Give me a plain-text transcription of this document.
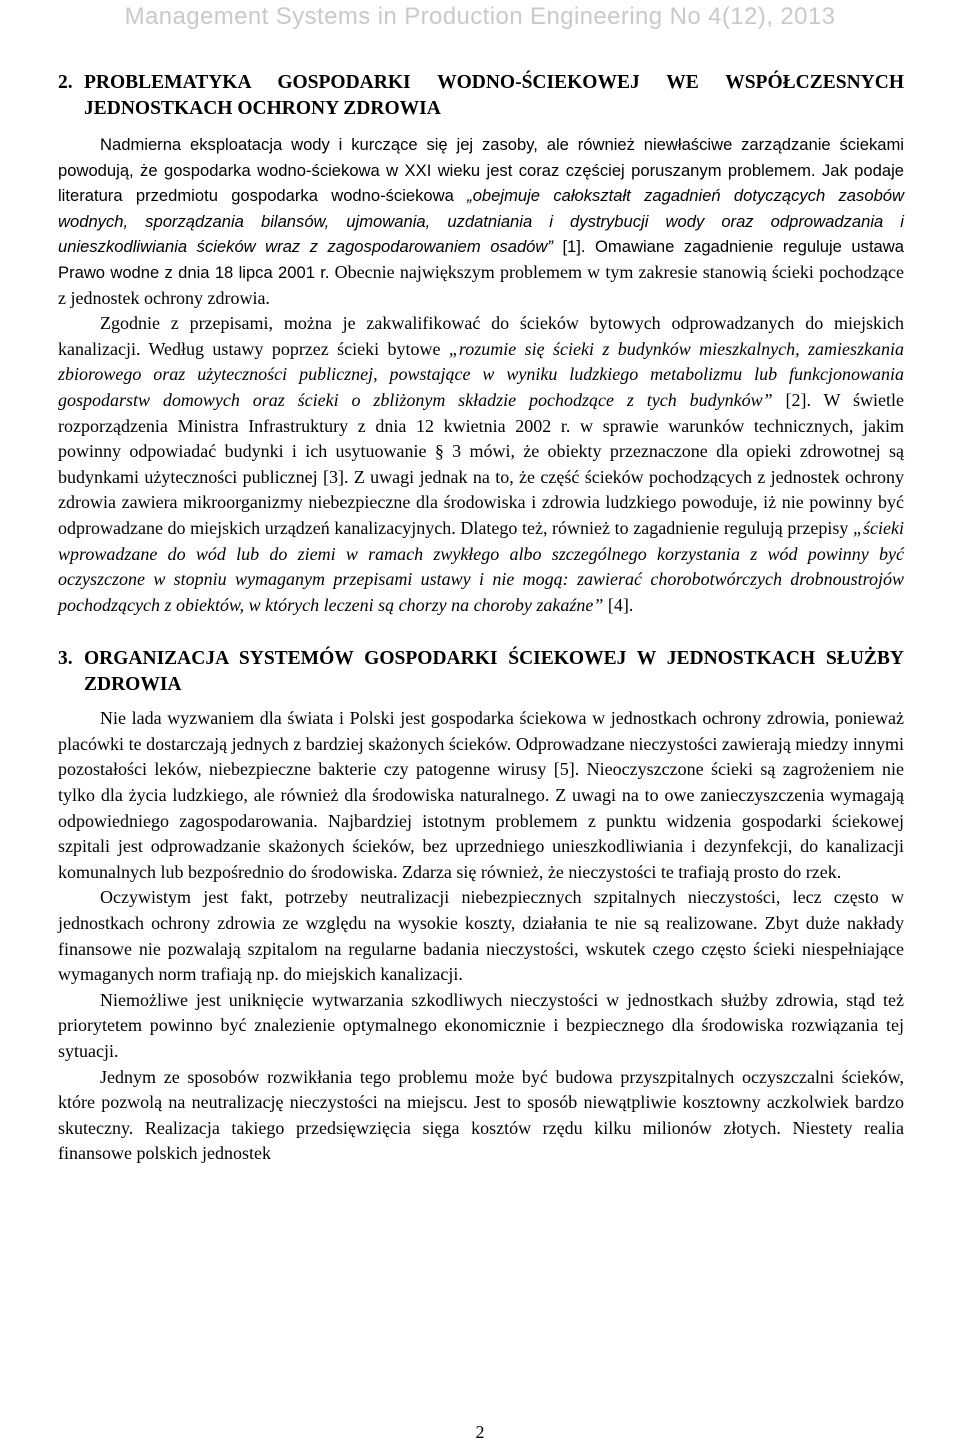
Management Systems in Production Engineering No 4(12), 2013
2. PROBLEMATYKA GOSPODARKI WODNO-ŚCIEKOWEJ WE WSPÓŁCZESNYCH JEDNOSTKACH OCHRONY ZDROWIA

Nadmierna eksploatacja wody i kurczące się jej zasoby, ale również niewłaściwe zarządzanie ściekami powodują, że gospodarka wodno-ściekowa w XXI wieku jest coraz częściej poruszanym problemem. Jak podaje literatura przedmiotu gospodarka wodno-ściekowa „obejmuje całokształt zagadnień dotyczących zasobów wodnych, sporządzania bilansów, ujmowania, uzdatniania i dystrybucji wody oraz odprowadzania i unieszkodliwiania ścieków wraz z zagospodarowaniem osadów” [1]. Omawiane zagadnienie reguluje ustawa Prawo wodne z dnia 18 lipca 2001 r. Obecnie największym problemem w tym zakresie stanowią ścieki pochodzące z jednostek ochrony zdrowia.

Zgodnie z przepisami, można je zakwalifikować do ścieków bytowych odprowadzanych do miejskich kanalizacji. Według ustawy poprzez ścieki bytowe „rozumie się ścieki z budynków mieszkalnych, zamieszkania zbiorowego oraz użyteczności publicznej, powstające w wyniku ludzkiego metabolizmu lub funkcjonowania gospodarstw domowych oraz ścieki o zbliżonym składzie pochodzące z tych budynków” [2]. W świetle rozporządzenia Ministra Infrastruktury z dnia 12 kwietnia 2002 r. w sprawie warunków technicznych, jakim powinny odpowiadać budynki i ich usytuowanie § 3 mówi, że obiekty przeznaczone dla opieki zdrowotnej są budynkami użyteczności publicznej [3]. Z uwagi jednak na to, że część ścieków pochodzących z jednostek ochrony zdrowia zawiera mikroorganizmy niebezpieczne dla środowiska i zdrowia ludzkiego powoduje, iż nie powinny być odprowadzane do miejskich urządzeń kanalizacyjnych. Dlatego też, również to zagadnienie regulują przepisy „ścieki wprowadzane do wód lub do ziemi w ramach zwykłego albo szczególnego korzystania z wód powinny być oczyszczone w stopniu wymaganym przepisami ustawy i nie mogą: zawierać chorobotwórczych drobnoustrojów pochodzących z obiektów, w których leczeni są chorzy na choroby zakaźne” [4].

3. ORGANIZACJA SYSTEMÓW GOSPODARKI ŚCIEKOWEJ W JEDNOSTKACH SŁUŻBY ZDROWIA

Nie lada wyzwaniem dla świata i Polski jest gospodarka ściekowa w jednostkach ochrony zdrowia, ponieważ placówki te dostarczają jednych z bardziej skażonych ścieków. Odprowadzane nieczystości zawierają miedzy innymi pozostałości leków, niebezpieczne bakterie czy patogenne wirusy [5]. Nieoczyszczone ścieki są zagrożeniem nie tylko dla życia ludzkiego, ale również dla środowiska naturalnego. Z uwagi na to owe zanieczyszczenia wymagają odpowiedniego zagospodarowania. Najbardziej istotnym problemem z punktu widzenia gospodarki ściekowej szpitali jest odprowadzanie skażonych ścieków, bez uprzedniego unieszkodliwiania i dezynfekcji, do kanalizacji komunalnych lub bezpośrednio do środowiska. Zdarza się również, że nieczystości te trafiają prosto do rzek.

Oczywistym jest fakt, potrzeby neutralizacji niebezpiecznych szpitalnych nieczystości, lecz często w jednostkach ochrony zdrowia ze względu na wysokie koszty, działania te nie są realizowane. Zbyt duże nakłady finansowe nie pozwalają szpitalom na regularne badania nieczystości, wskutek czego często ścieki niespełniające wymaganych norm trafiają np. do miejskich kanalizacji.

Niemożliwe jest uniknięcie wytwarzania szkodliwych nieczystości w jednostkach służby zdrowia, stąd też priorytetem powinno być znalezienie optymalnego ekonomicznie i bezpiecznego dla środowiska rozwiązania tej sytuacji.

Jednym ze sposobów rozwikłania tego problemu może być budowa przyszpitalnych oczyszczalni ścieków, które pozwolą na neutralizację nieczystości na miejscu. Jest to sposób niewątpliwie kosztowny aczkolwiek bardzo skuteczny. Realizacja takiego przedsięwzięcia sięga kosztów rzędu kilku milionów złotych. Niestety realia finansowe polskich jednostek

2
